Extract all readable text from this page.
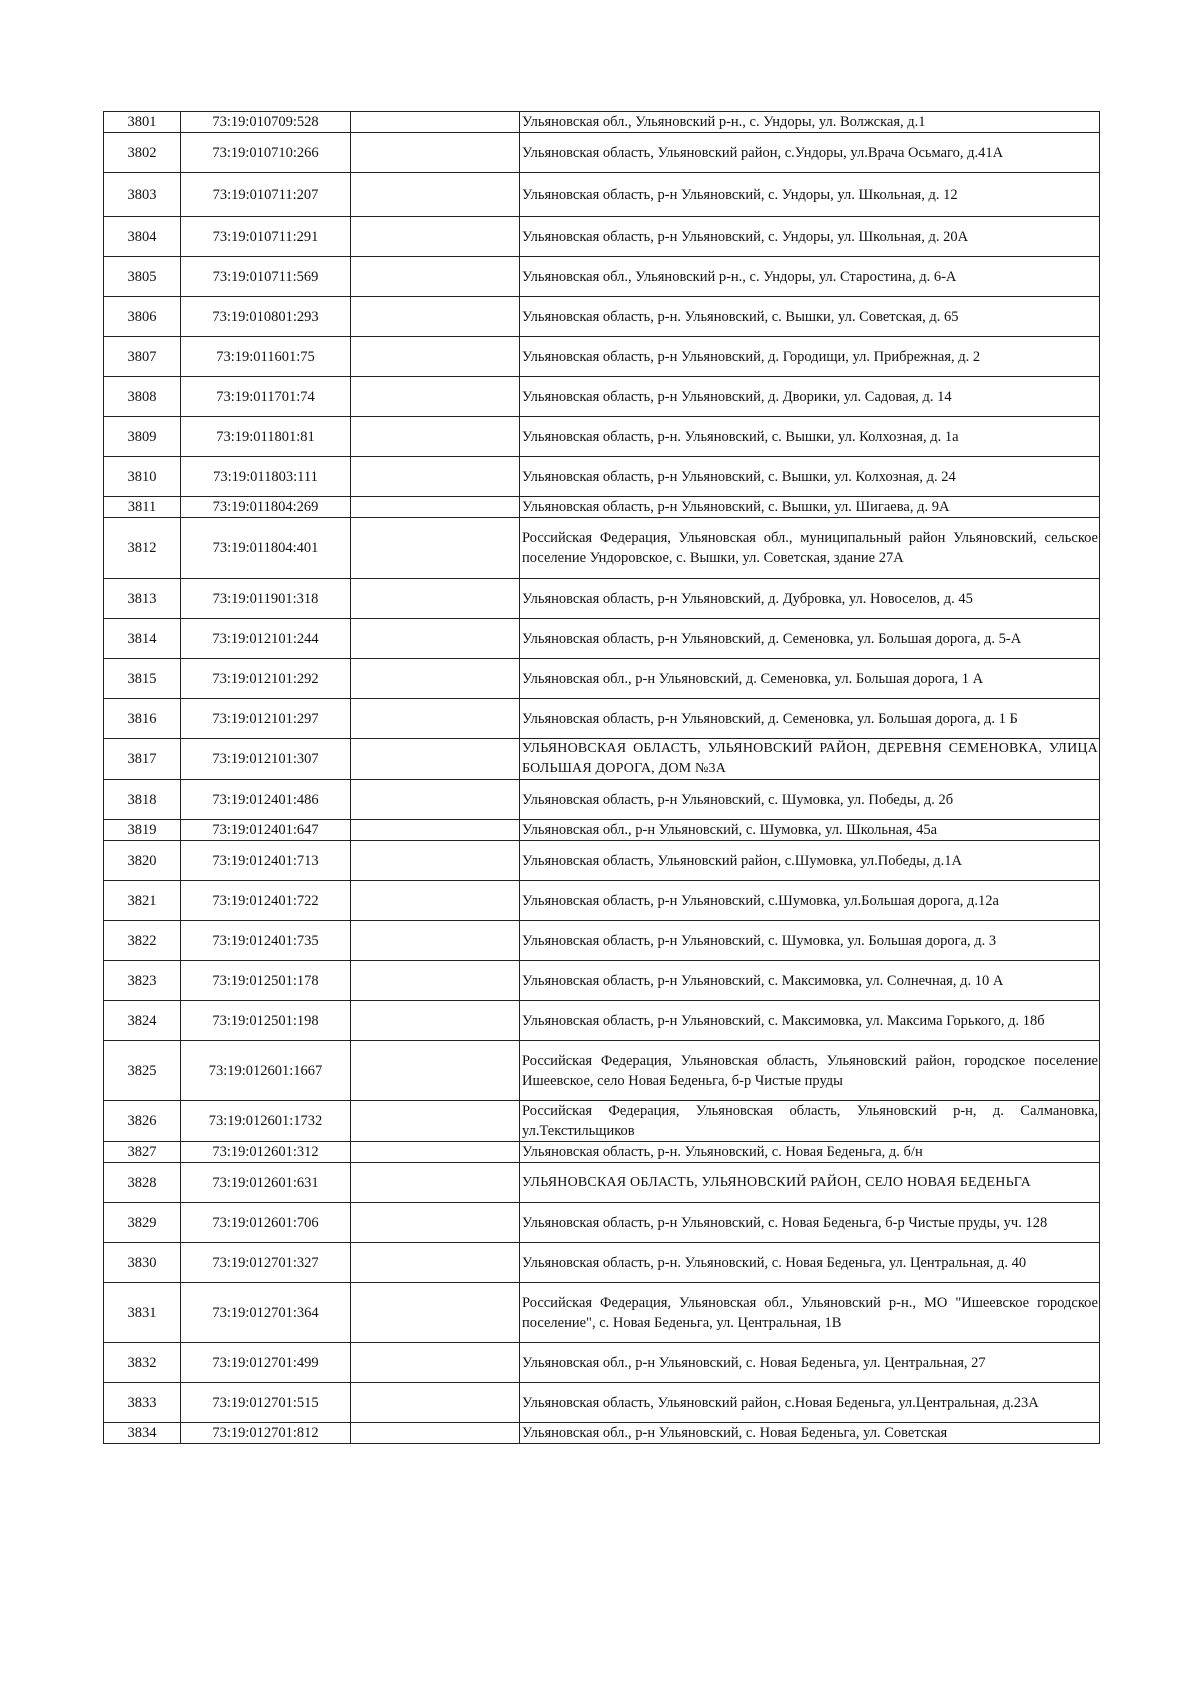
3801	73:19:010709:528		Ульяновская обл., Ульяновский р-н., с. Ундоры, ул. Волжская, д.1
3802	73:19:010710:266		Ульяновская область, Ульяновский район, с.Ундоры, ул.Врача Осьмаго, д.41А
3803	73:19:010711:207		Ульяновская область, р-н Ульяновский, с. Ундоры, ул. Школьная, д. 12
3804	73:19:010711:291		Ульяновская область, р-н Ульяновский, с. Ундоры, ул. Школьная, д. 20А
3805	73:19:010711:569		Ульяновская обл., Ульяновский р-н., с. Ундоры, ул. Старостина, д. 6-А
3806	73:19:010801:293		Ульяновская область, р-н. Ульяновский, с. Вышки, ул. Советская, д. 65
3807	73:19:011601:75		Ульяновская область, р-н Ульяновский, д. Городищи, ул. Прибрежная, д. 2
3808	73:19:011701:74		Ульяновская область, р-н Ульяновский, д. Дворики, ул. Садовая, д. 14
3809	73:19:011801:81		Ульяновская область, р-н. Ульяновский, с. Вышки, ул. Колхозная, д. 1а
3810	73:19:011803:111		Ульяновская область, р-н Ульяновский, с. Вышки, ул. Колхозная, д. 24
3811	73:19:011804:269		Ульяновская область, р-н Ульяновский, с. Вышки, ул. Шигаева, д. 9А
3812	73:19:011804:401		Российская Федерация, Ульяновская обл., муниципальный район Ульяновский, сельское поселение Ундоровское, с. Вышки, ул. Советская, здание 27А
3813	73:19:011901:318		Ульяновская область, р-н Ульяновский, д. Дубровка, ул. Новоселов, д. 45
3814	73:19:012101:244		Ульяновская область, р-н Ульяновский, д. Семеновка, ул. Большая дорога, д. 5-А
3815	73:19:012101:292		Ульяновская обл., р-н Ульяновский, д. Семеновка, ул. Большая дорога, 1 А
3816	73:19:012101:297		Ульяновская область, р-н Ульяновский, д. Семеновка, ул. Большая дорога, д. 1 Б
3817	73:19:012101:307		УЛЬЯНОВСКАЯ ОБЛАСТЬ, УЛЬЯНОВСКИЙ РАЙОН, ДЕРЕВНЯ СЕМЕНОВКА, УЛИЦА БОЛЬШАЯ ДОРОГА, ДОМ №3А
3818	73:19:012401:486		Ульяновская область, р-н Ульяновский, с. Шумовка, ул. Победы, д. 2б
3819	73:19:012401:647		Ульяновская обл., р-н Ульяновский, с. Шумовка, ул. Школьная, 45а
3820	73:19:012401:713		Ульяновская область, Ульяновский район, с.Шумовка, ул.Победы, д.1А
3821	73:19:012401:722		Ульяновская область, р-н Ульяновский, с.Шумовка, ул.Большая дорога, д.12а
3822	73:19:012401:735		Ульяновская область, р-н Ульяновский, с. Шумовка, ул. Большая дорога, д. 3
3823	73:19:012501:178		Ульяновская область, р-н Ульяновский, с. Максимовка, ул. Солнечная, д. 10 А
3824	73:19:012501:198		Ульяновская область, р-н Ульяновский, с. Максимовка, ул. Максима Горького, д. 18б
3825	73:19:012601:1667		Российская Федерация, Ульяновская область, Ульяновский район, городское поселение Ишеевское, село Новая Беденьга, б-р Чистые пруды
3826	73:19:012601:1732		Российская Федерация, Ульяновская область, Ульяновский р-н, д. Салмановка, ул.Текстильщиков
3827	73:19:012601:312		Ульяновская область, р-н. Ульяновский, с. Новая Беденьга, д. б/н
3828	73:19:012601:631		УЛЬЯНОВСКАЯ ОБЛАСТЬ, УЛЬЯНОВСКИЙ РАЙОН, СЕЛО НОВАЯ БЕДЕНЬГА
3829	73:19:012601:706		Ульяновская область, р-н Ульяновский, с. Новая Беденьга, б-р Чистые пруды, уч. 128
3830	73:19:012701:327		Ульяновская область, р-н. Ульяновский, с. Новая Беденьга, ул. Центральная, д. 40
3831	73:19:012701:364		Российская Федерация, Ульяновская обл., Ульяновский р-н., МО "Ишеевское городское поселение", с. Новая Беденьга, ул. Центральная, 1В
3832	73:19:012701:499		Ульяновская обл., р-н Ульяновский, с. Новая Беденьга, ул. Центральная, 27
3833	73:19:012701:515		Ульяновская область, Ульяновский район, с.Новая Беденьга, ул.Центральная, д.23А
3834	73:19:012701:812		Ульяновская обл., р-н Ульяновский, с. Новая Беденьга, ул. Советская
